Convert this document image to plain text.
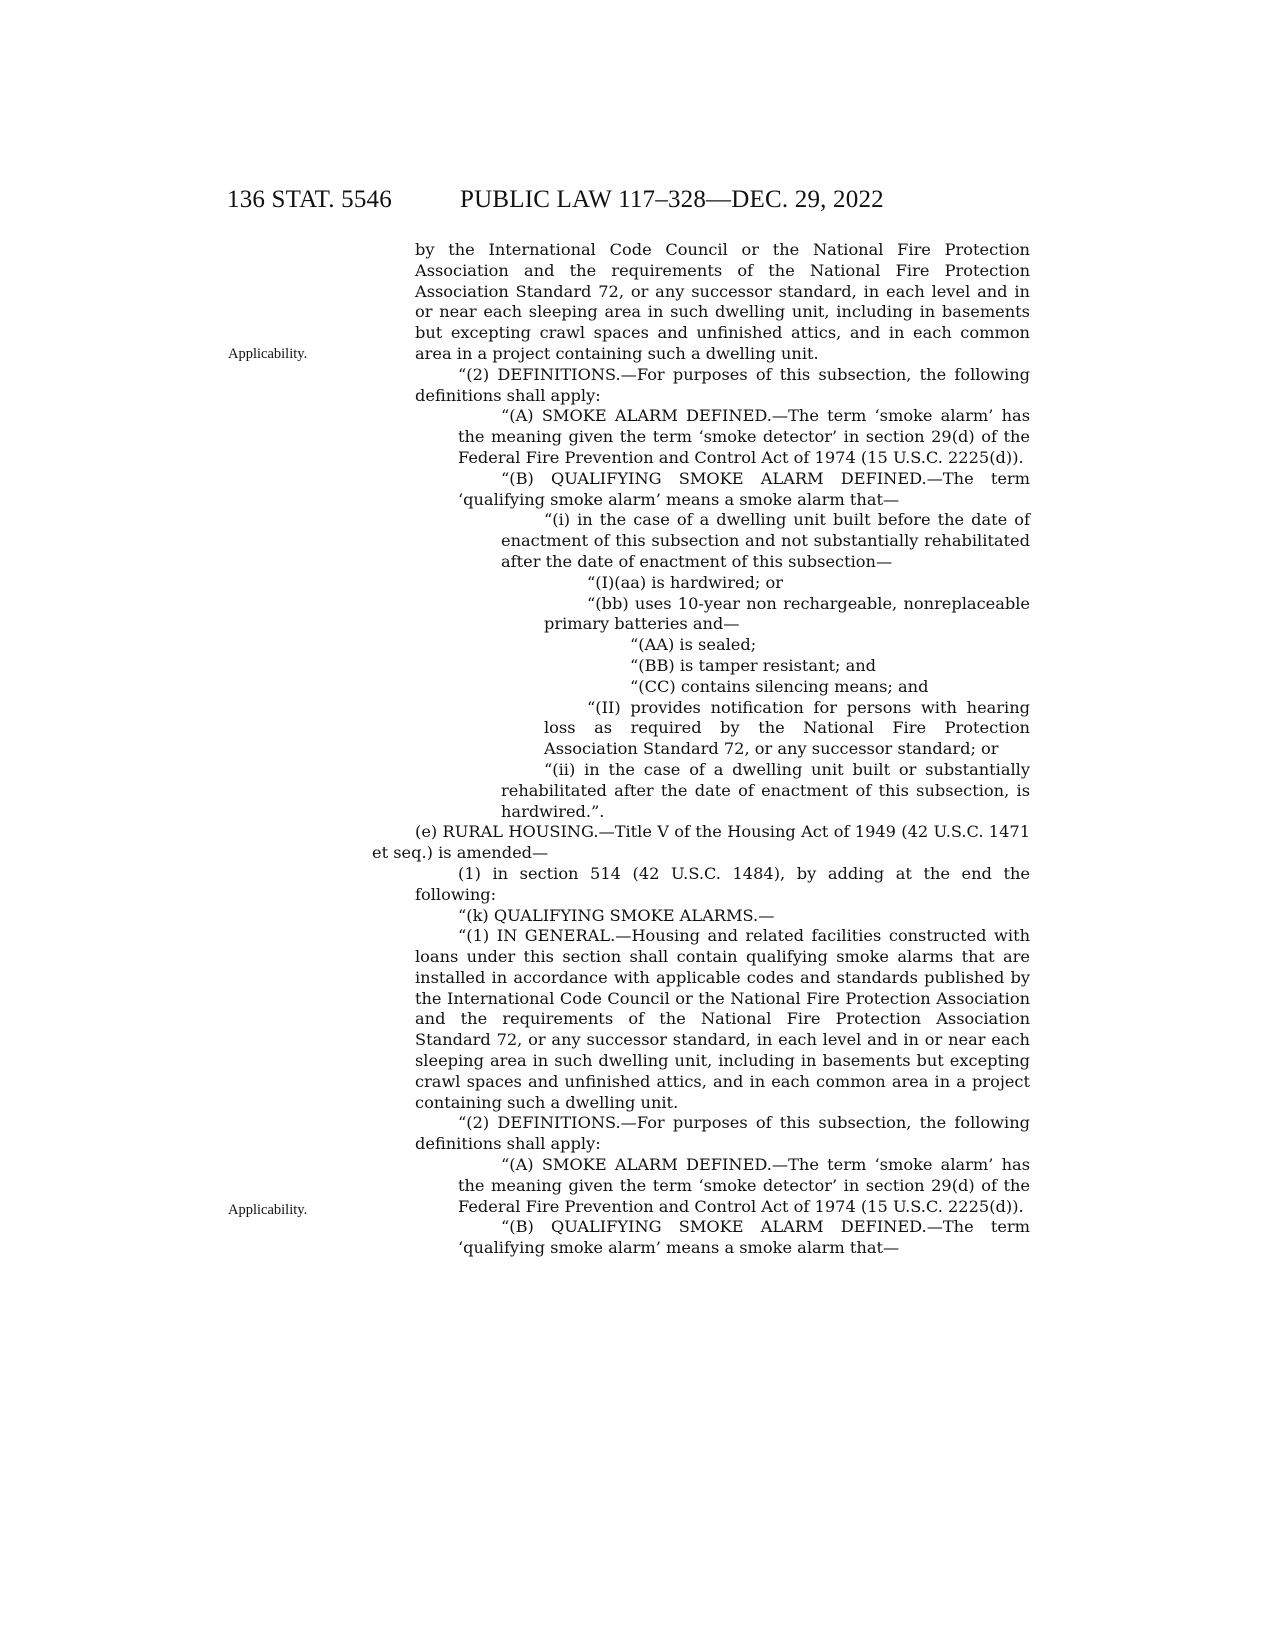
136 STAT. 5546	PUBLIC LAW 117–328—DEC. 29, 2022
Applicability.
Applicability.

by the International Code Council or the National Fire Protection Association and the requirements of the National Fire Protection Association Standard 72, or any successor standard, in each level and in or near each sleeping area in such dwelling unit, including in basements but excepting crawl spaces and unfinished attics, and in each common area in a project containing such a dwelling unit.

“(2) DEFINITIONS.—For purposes of this subsection, the following definitions shall apply:

“(A) SMOKE ALARM DEFINED.—The term ‘smoke alarm’ has the meaning given the term ‘smoke detector’ in section 29(d) of the Federal Fire Prevention and Control Act of 1974 (15 U.S.C. 2225(d)).

“(B) QUALIFYING SMOKE ALARM DEFINED.—The term ‘qualifying smoke alarm’ means a smoke alarm that—

“(i) in the case of a dwelling unit built before the date of enactment of this subsection and not substantially rehabilitated after the date of enactment of this subsection—

“(I)(aa) is hardwired; or

“(bb) uses 10-year non rechargeable, nonreplaceable primary batteries and—

“(AA) is sealed;

“(BB) is tamper resistant; and

“(CC) contains silencing means; and

“(II) provides notification for persons with hearing loss as required by the National Fire Protection Association Standard 72, or any successor standard; or

“(ii) in the case of a dwelling unit built or substantially rehabilitated after the date of enactment of this subsection, is hardwired.”.

(e) RURAL HOUSING.—Title V of the Housing Act of 1949 (42 U.S.C. 1471 et seq.) is amended—

(1) in section 514 (42 U.S.C. 1484), by adding at the end the following:

“(k) QUALIFYING SMOKE ALARMS.—

“(1) IN GENERAL.—Housing and related facilities constructed with loans under this section shall contain qualifying smoke alarms that are installed in accordance with applicable codes and standards published by the International Code Council or the National Fire Protection Association and the requirements of the National Fire Protection Association Standard 72, or any successor standard, in each level and in or near each sleeping area in such dwelling unit, including in basements but excepting crawl spaces and unfinished attics, and in each common area in a project containing such a dwelling unit.

“(2) DEFINITIONS.—For purposes of this subsection, the following definitions shall apply:

“(A) SMOKE ALARM DEFINED.—The term ‘smoke alarm’ has the meaning given the term ‘smoke detector’ in section 29(d) of the Federal Fire Prevention and Control Act of 1974 (15 U.S.C. 2225(d)).

“(B) QUALIFYING SMOKE ALARM DEFINED.—The term ‘qualifying smoke alarm’ means a smoke alarm that—
